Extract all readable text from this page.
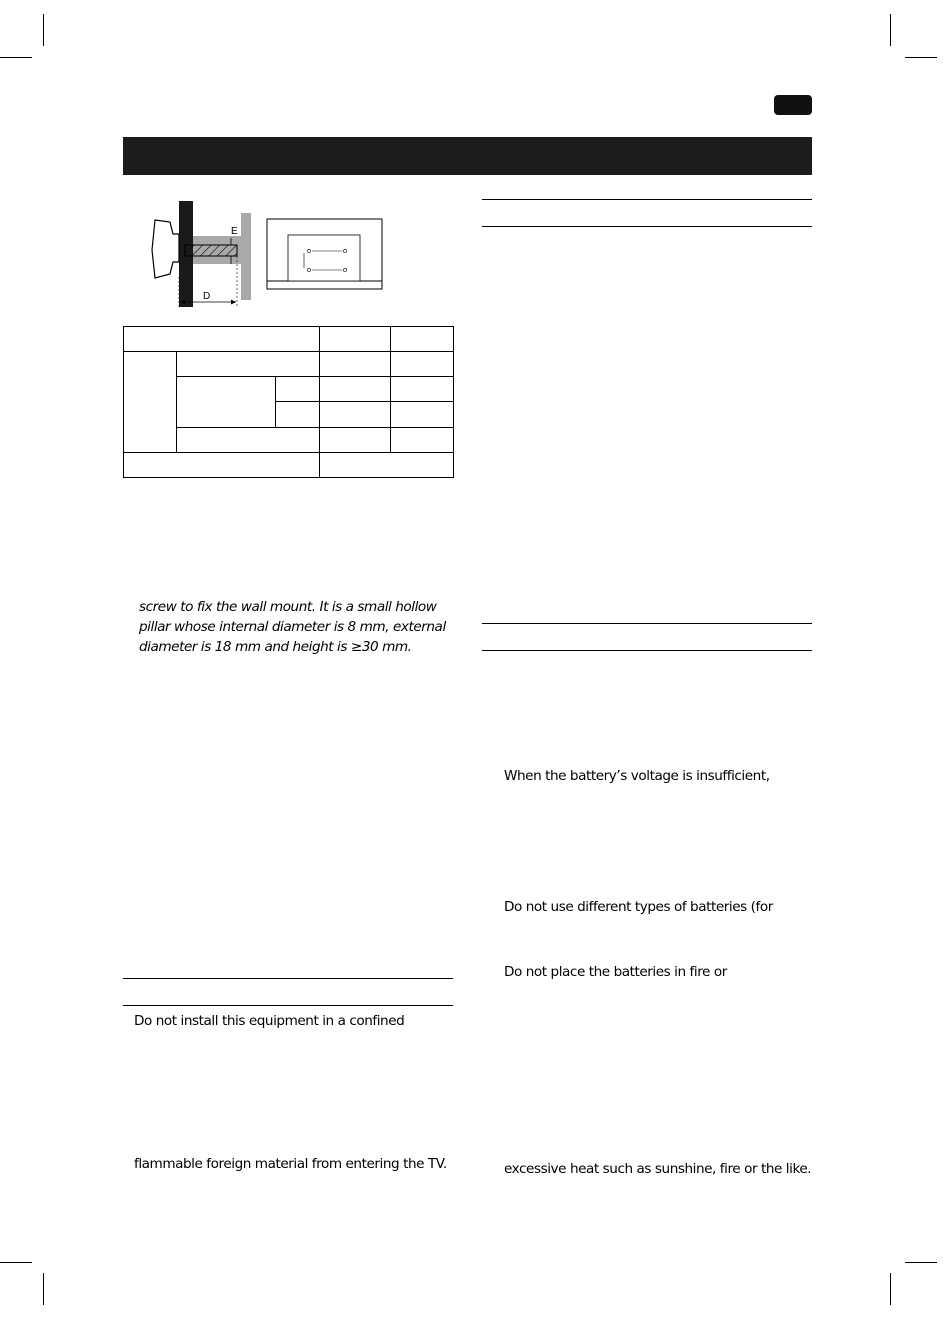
E
D

screw to fix the wall mount. It is a small hollow
pillar whose internal diameter is 8 mm, external
diameter is 18 mm and height is ≥30 mm.
Do not install this equipment in a confined
flammable foreign material from entering the TV.
When the battery’s voltage is insufficient,
Do not use different types of batteries (for
Do not place the batteries in fire or
excessive heat such as sunshine, fire or the like.
